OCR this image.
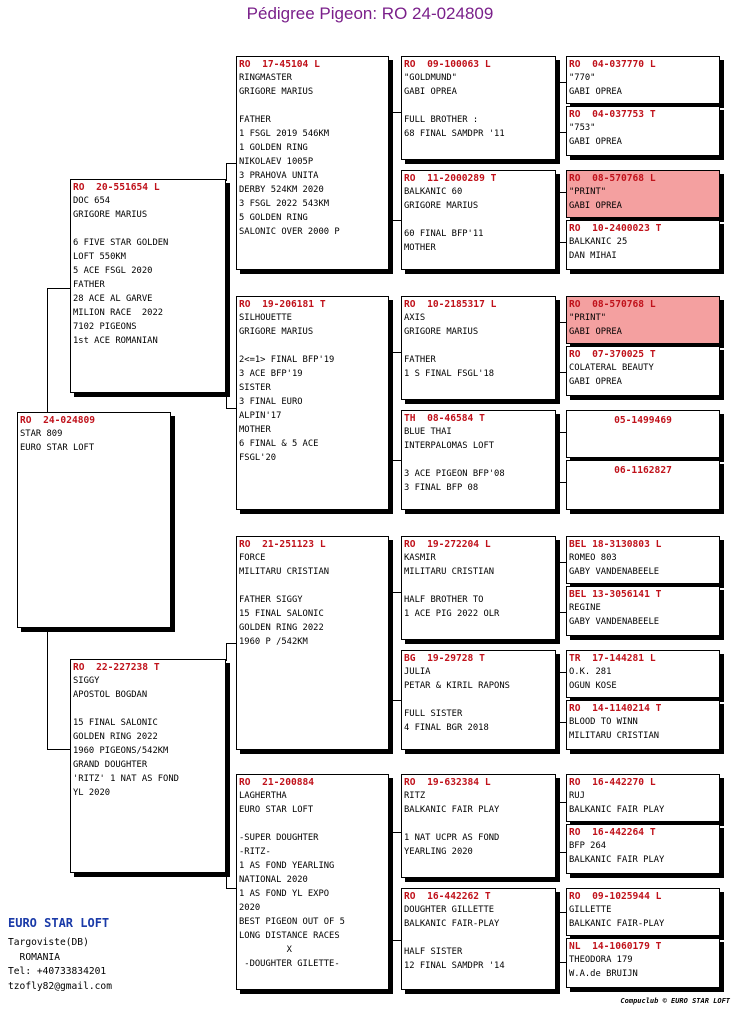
Pédigree Pigeon: RO 24-024809
RO  24-024809
STAR 809
EURO STAR LOFT
RO  20-551654 L
DOC 654
GRIGORE MARIUS

6 FIVE STAR GOLDEN
LOFT 550KM
5 ACE FSGL 2020
FATHER
28 ACE AL GARVE
MILION RACE  2022
7102 PIGEONS
1st ACE ROMANIAN
RO  22-227238 T
SIGGY
APOSTOL BOGDAN

15 FINAL SALONIC
GOLDEN RING 2022
1960 PIGEONS/542KM
GRAND DOUGHTER
'RITZ' 1 NAT AS FOND
YL 2020
RO  17-45104 L
RINGMASTER
GRIGORE MARIUS

FATHER
1 FSGL 2019 546KM
1 GOLDEN RING
NIKOLAEV 1005P
3 PRAHOVA UNITA
DERBY 524KM 2020
3 FSGL 2022 543KM
5 GOLDEN RING
SALONIC OVER 2000 P
RO  19-206181 T
SILHOUETTE
GRIGORE MARIUS

2<=1> FINAL BFP'19
3 ACE BFP'19
SISTER
3 FINAL EURO
ALPIN'17
MOTHER
6 FINAL & 5 ACE
FSGL'20
RO  21-251123 L
FORCE
MILITARU CRISTIAN

FATHER SIGGY
15 FINAL SALONIC
GOLDEN RING 2022
1960 P /542KM
RO  21-200884
LAGHERTHA
EURO STAR LOFT

-SUPER DOUGHTER
-RITZ-
1 AS FOND YEARLING
NATIONAL 2020
1 AS FOND YL EXPO
2020
BEST PIGEON OUT OF 5
LONG DISTANCE RACES
X
-DOUGHTER GILETTE-
RO  09-100063 L
"GOLDMUND"
GABI OPREA

FULL BROTHER :
68 FINAL SAMDPR '11
RO  11-2000289 T
BALKANIC 60
GRIGORE MARIUS

60 FINAL BFP'11
MOTHER
RO  10-2185317 L
AXIS
GRIGORE MARIUS

FATHER
1 S FINAL FSGL'18
TH  08-46584 T
BLUE THAI
INTERPALOMAS LOFT

3 ACE PIGEON BFP'08
3 FINAL BFP 08
RO  19-272204 L
KASMIR
MILITARU CRISTIAN

HALF BROTHER TO
1 ACE PIG 2022 OLR
BG  19-29728 T
JULIA
PETAR & KIRIL RAPONS

FULL SISTER
4 FINAL BGR 2018
RO  19-632384 L
RITZ
BALKANIC FAIR PLAY

1 NAT UCPR AS FOND
YEARLING 2020
RO  16-442262 T
DOUGHTER GILLETTE
BALKANIC FAIR-PLAY

HALF SISTER
12 FINAL SAMDPR '14
RO  04-037770 L
"770"
GABI OPREA
RO  04-037753 T
"753"
GABI OPREA
RO  08-570768 L
"PRINT"
GABI OPREA
RO  10-2400023 T
BALKANIC 25
DAN MIHAI
RO  08-570768 L
"PRINT"
GABI OPREA
RO  07-370025 T
COLATERAL BEAUTY
GABI OPREA
05-1499469
06-1162827
BEL 18-3130803 L
ROMEO 803
GABY VANDENABEELE
BEL 13-3056141 T
REGINE
GABY VANDENABEELE
TR  17-144281 L
O.K. 281
OGUN KOSE
RO  14-1140214 T
BLOOD TO WINN
MILITARU CRISTIAN
RO  16-442270 L
RUJ
BALKANIC FAIR PLAY
RO  16-442264 T
BFP 264
BALKANIC FAIR PLAY
RO  09-1025944 L
GILLETTE
BALKANIC FAIR-PLAY
NL  14-1060179 T
THEODORA 179
W.A.de BRUIJN
EURO STAR LOFT
Targoviste(DB)
ROMANIA
Tel: +40733834201
tzofly82@gmail.com
Compuclub © EURO STAR LOFT
